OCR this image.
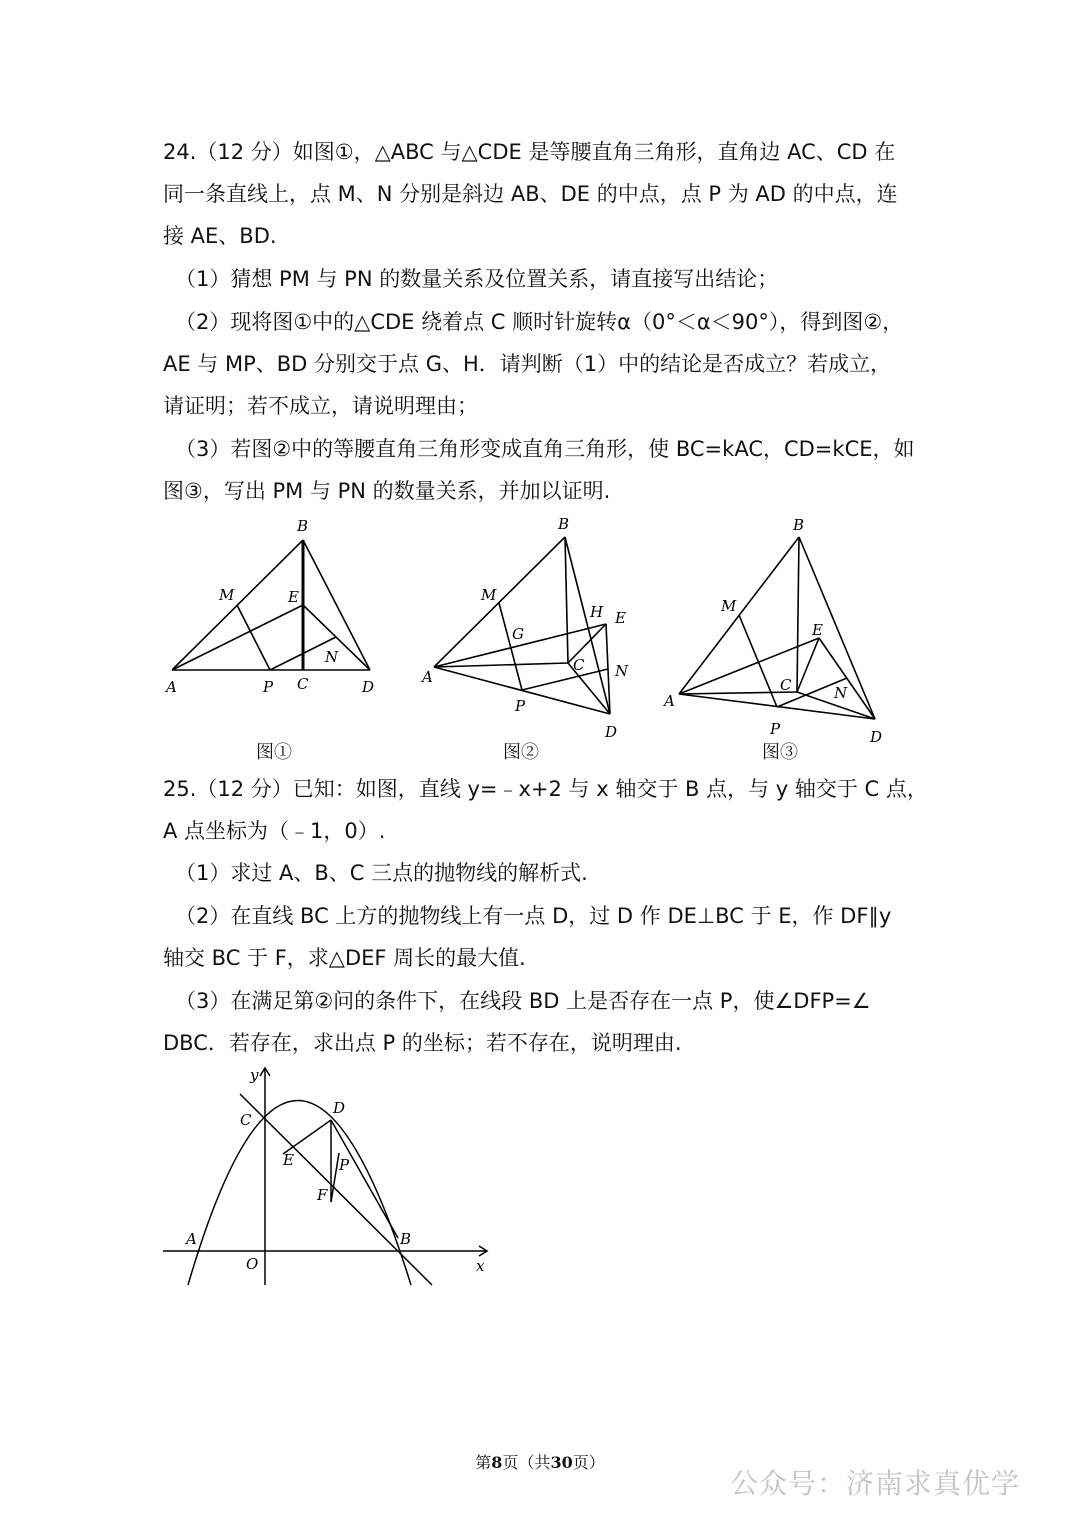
24.（12 分）如图①，△ABC 与△CDE 是等腰直角三角形，直角边 AC、CD 在
同一条直线上，点 M、N 分别是斜边 AB、DE 的中点，点 P 为 AD 的中点，连
接 AE、BD.
（1）猜想 PM 与 PN 的数量关系及位置关系，请直接写出结论；
（2）现将图①中的△CDE 绕着点 C 顺时针旋转α（0°＜α＜90°），得到图②，
AE 与 MP、BD 分别交于点 G、H．请判断（1）中的结论是否成立？若成立，
请证明；若不成立，请说明理由；
（3）若图②中的等腰直角三角形变成直角三角形，使 BC=kAC，CD=kCE，如
图③，写出 PM 与 PN 的数量关系，并加以证明.
B
M	E
N
A	P C	D
图①
B
M
H E
G
C N
A
P
D
图②
B
M
E
C	N
A
P	D
图③
25.（12 分）已知：如图，直线 y=﹣x+2 与 x 轴交于 B 点，与 y 轴交于 C 点，
A 点坐标为（﹣1，0）.
（1）求过 A、B、C 三点的抛物线的解析式.
（2）在直线 BC 上方的抛物线上有一点 D，过 D 作 DE⊥BC 于 E，作 DF∥y
轴交 BC 于 F，求△DEF 周长的最大值.
（3）在满足第②问的条件下，在线段 BD 上是否存在一点 P，使∠DFP=∠
DBC．若存在，求出点 P 的坐标；若不存在，说明理由.
y
x
O
A	B
C
D
E	P
F
第8页（共30页）
公众号：济南求真优学
